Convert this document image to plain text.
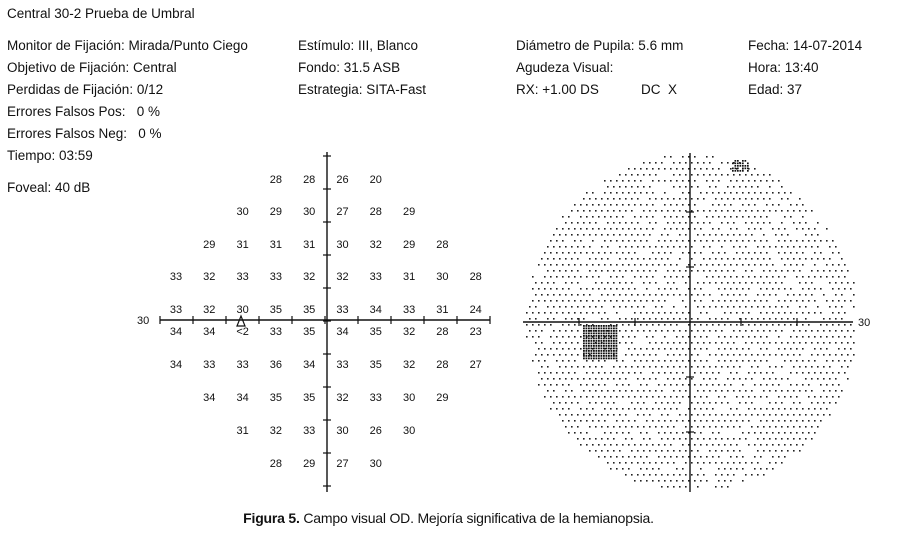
Central 30-2 Prueba de Umbral
Monitor de Fijación: Mirada/Punto Ciego
Objetivo de Fijación: Central
Perdidas de Fijación: 0/12
Errores Falsos Pos:   0 %
Errores Falsos Neg:   0 %
Tiempo: 03:59
Foveal: 40 dB
Estímulo: III, Blanco
Fondo: 31.5 ASB
Estrategia: SITA-Fast
Diámetro de Pupila: 5.6 mm
Agudeza Visual:
RX: +1.00 DS	DC  X
Fecha: 14-07-2014
Hora: 13:40
Edad: 37
30
28 28 26 20
30 29 30 27 28 29
29 31 31 31 30 32 29 28
33 32 33 33 32 32 33 31 30 28
33 32 30 35 35 33 34 33 31 24
34 34 <2 33 35 34 35 32 28 23
34 33 33 36 34 33 35 32 28 27
34 34 35 35 32 33 30 29
31 32 33 30 26 30
28 29 27 30
30
Figura 5. Campo visual OD. Mejoría significativa de la hemianopsia.
